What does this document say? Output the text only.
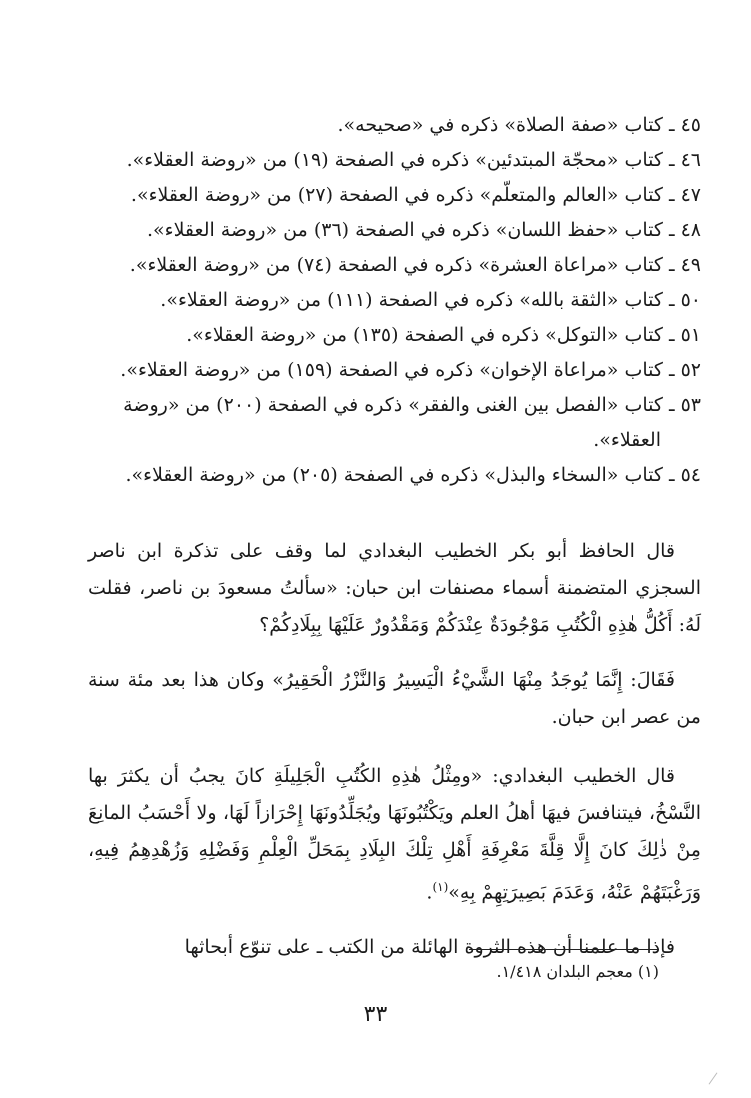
٤٥ ـ كتاب «صفة الصلاة» ذكره في «صحيحه».

٤٦ ـ كتاب «محجّة المبتدئين» ذكره في الصفحة (١٩) من «روضة العقلاء».

٤٧ ـ كتاب «العالم والمتعلّم» ذكره في الصفحة (٢٧) من «روضة العقلاء».

٤٨ ـ كتاب «حفظ اللسان» ذكره في الصفحة (٣٦) من «روضة العقلاء».

٤٩ ـ كتاب «مراعاة العشرة» ذكره في الصفحة (٧٤) من «روضة العقلاء».

٥٠ ـ كتاب «الثقة بالله» ذكره في الصفحة (١١١) من «روضة العقلاء».

٥١ ـ كتاب «التوكل» ذكره في الصفحة (١٣٥) من «روضة العقلاء».

٥٢ ـ كتاب «مراعاة الإخوان» ذكره في الصفحة (١٥٩) من «روضة العقلاء».

٥٣ ـ كتاب «الفصل بين الغنى والفقر» ذكره في الصفحة (٢٠٠) من «روضة
العقلاء».

٥٤ ـ كتاب «السخاء والبذل» ذكره في الصفحة (٢٠٥) من «روضة العقلاء».

قال الحافظ أبو بكر الخطيب البغدادي لما وقف على تذكرة ابن ناصر السجزي المتضمنة أسماء مصنفات ابن حبان: «سألتُ مسعودَ بن ناصر، فقلت لَهُ: أَكُلُّ هٰذِهِ الْكُتُبِ مَوْجُودَةٌ عِنْدَكُمْ وَمَقْدُورٌ عَلَيْهَا بِبِلَادِكُمْ؟

فَقَالَ: إِنَّمَا يُوجَدُ مِنْهَا الشَّيْءُ الْيَسِيرُ وَالنَّزْرُ الْحَقِيرُ» وكان هذا بعد مئة سنة من عصر ابن حبان.

قال الخطيب البغدادي: «ومِثْلُ هٰذِهِ الكُتُبِ الْجَلِيلَةِ كانَ يجبُ أن يكثرَ بها النَّسْخُ، فيتنافسَ فيهَا أهلُ العلم ويَكْتُبُونَهَا ويُجَلِّدُونَهَا إِحْرَازاً لَهَا، ولا أَحْسَبُ المانِعَ مِنْ ذٰلِكَ كانَ إِلَّا قِلَّةَ مَعْرِفَةِ أَهْلِ تِلْكَ البِلَادِ بِمَحَلِّ الْعِلْمِ وَفَضْلِهِ وَزُهْدِهِمُ فِيهِ، وَرَغْبَتَهُمْ عَنْهُ، وَعَدَمَ بَصِيرَتِهِمْ بِهِ»$^{(١)}$.

فإذا ما علمنا أن هذه الثروة الهائلة من الكتب ـ على تنوّع أبحاثها

(١) معجم البلدان ١/٤١٨.
٣٣
